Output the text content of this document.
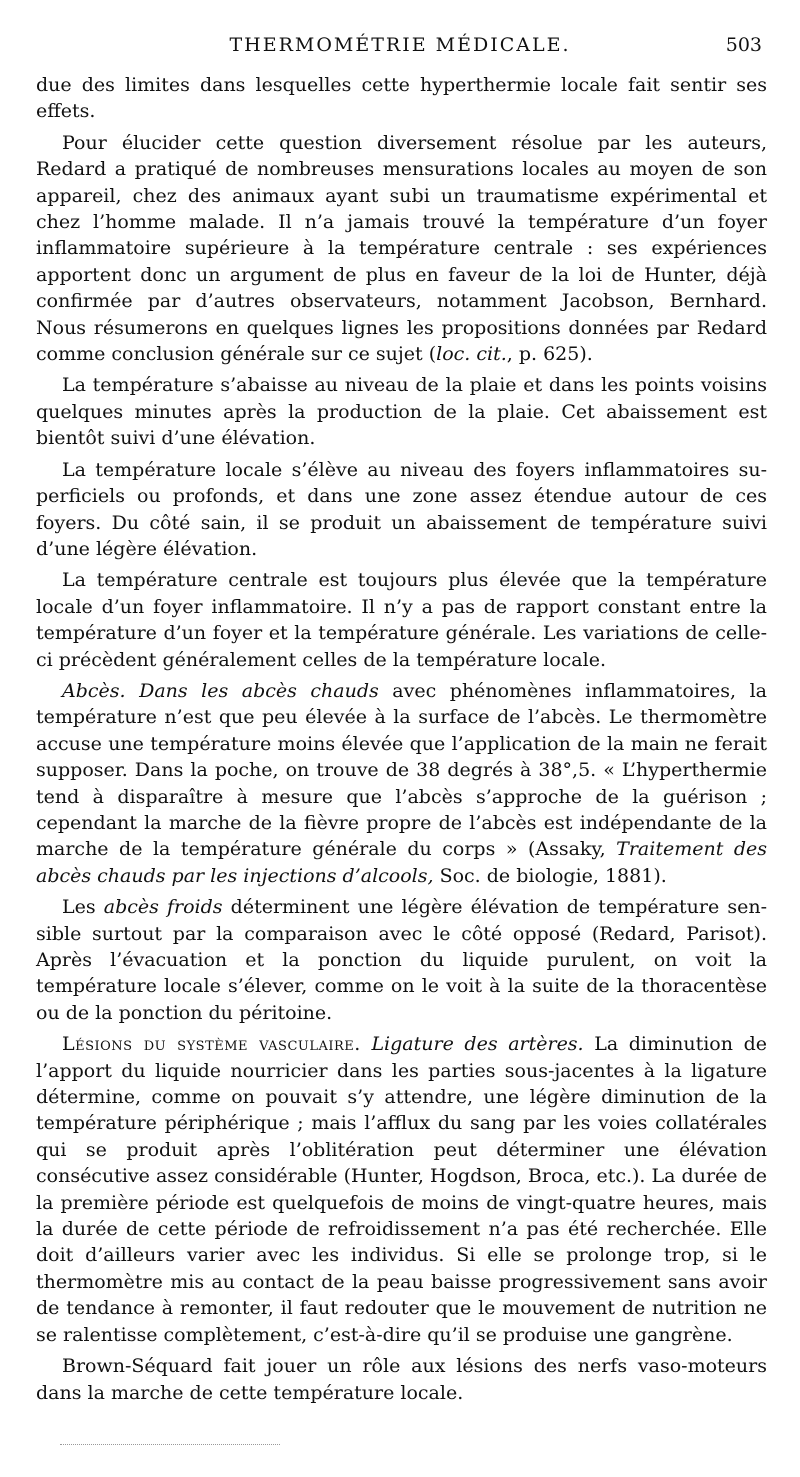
THERMOMÉTRIE MÉDICALE.	503

due des limites dans lesquelles cette hyperthermie locale fait sentir ses effets.

Pour élucider cette question diversement résolue par les auteurs, Redard a pratiqué de nombreuses mensurations locales au moyen de son appareil, chez des animaux ayant subi un traumatisme expérimental et chez l’homme malade. Il n’a jamais trouvé la température d’un foyer inflammatoire supérieure à la température centrale : ses expériences apportent donc un argument de plus en faveur de la loi de Hunter, déjà confirmée par d’autres observateurs, notamment Jacobson, Bernhard. Nous résumerons en quelques lignes les propositions données par Redard comme conclusion générale sur ce sujet (loc. cit., p. 625).

La température s’abaisse au niveau de la plaie et dans les points voisins quelques minutes après la production de la plaie. Cet abaissement est bientôt suivi d’une élévation.

La température locale s’élève au niveau des foyers inflammatoires superficiels ou profonds, et dans une zone assez étendue autour de ces foyers. Du côté sain, il se produit un abaissement de température suivi d’une légère élévation.

La température centrale est toujours plus élevée que la température locale d’un foyer inflammatoire. Il n’y a pas de rapport constant entre la température d’un foyer et la température générale. Les variations de celle-ci précèdent généralement celles de la température locale.

Abcès. Dans les abcès chauds avec phénomènes inflammatoires, la température n’est que peu élevée à la surface de l’abcès. Le thermomètre accuse une température moins élevée que l’application de la main ne ferait supposer. Dans la poche, on trouve de 38 degrés à 38°,5. « L’hyperthermie tend à disparaître à mesure que l’abcès s’approche de la guérison ; cependant la marche de la fièvre propre de l’abcès est indépendante de la marche de la température générale du corps » (Assaky, Traitement des abcès chauds par les injections d’alcools, Soc. de biologie, 1881).

Les abcès froids déterminent une légère élévation de température sensible surtout par la comparaison avec le côté opposé (Redard, Parisot). Après l’évacuation et la ponction du liquide purulent, on voit la température locale s’élever, comme on le voit à la suite de la thoracentèse ou de la ponction du péritoine.

Lésions du système vasculaire. Ligature des artères. La diminution de l’apport du liquide nourricier dans les parties sous-jacentes à la ligature détermine, comme on pouvait s’y attendre, une légère diminution de la température périphérique ; mais l’afflux du sang par les voies collatérales qui se produit après l’oblitération peut déterminer une élévation consécutive assez considérable (Hunter, Hogdson, Broca, etc.). La durée de la première période est quelquefois de moins de vingt-quatre heures, mais la durée de cette période de refroidissement n’a pas été recherchée. Elle doit d’ailleurs varier avec les individus. Si elle se prolonge trop, si le thermomètre mis au contact de la peau baisse progressivement sans avoir de tendance à remonter, il faut redouter que le mouvement de nutrition ne se ralentisse complètement, c’est-à-dire qu’il se produise une gangrène.

Brown-Séquard fait jouer un rôle aux lésions des nerfs vaso-moteurs dans la marche de cette température locale.
